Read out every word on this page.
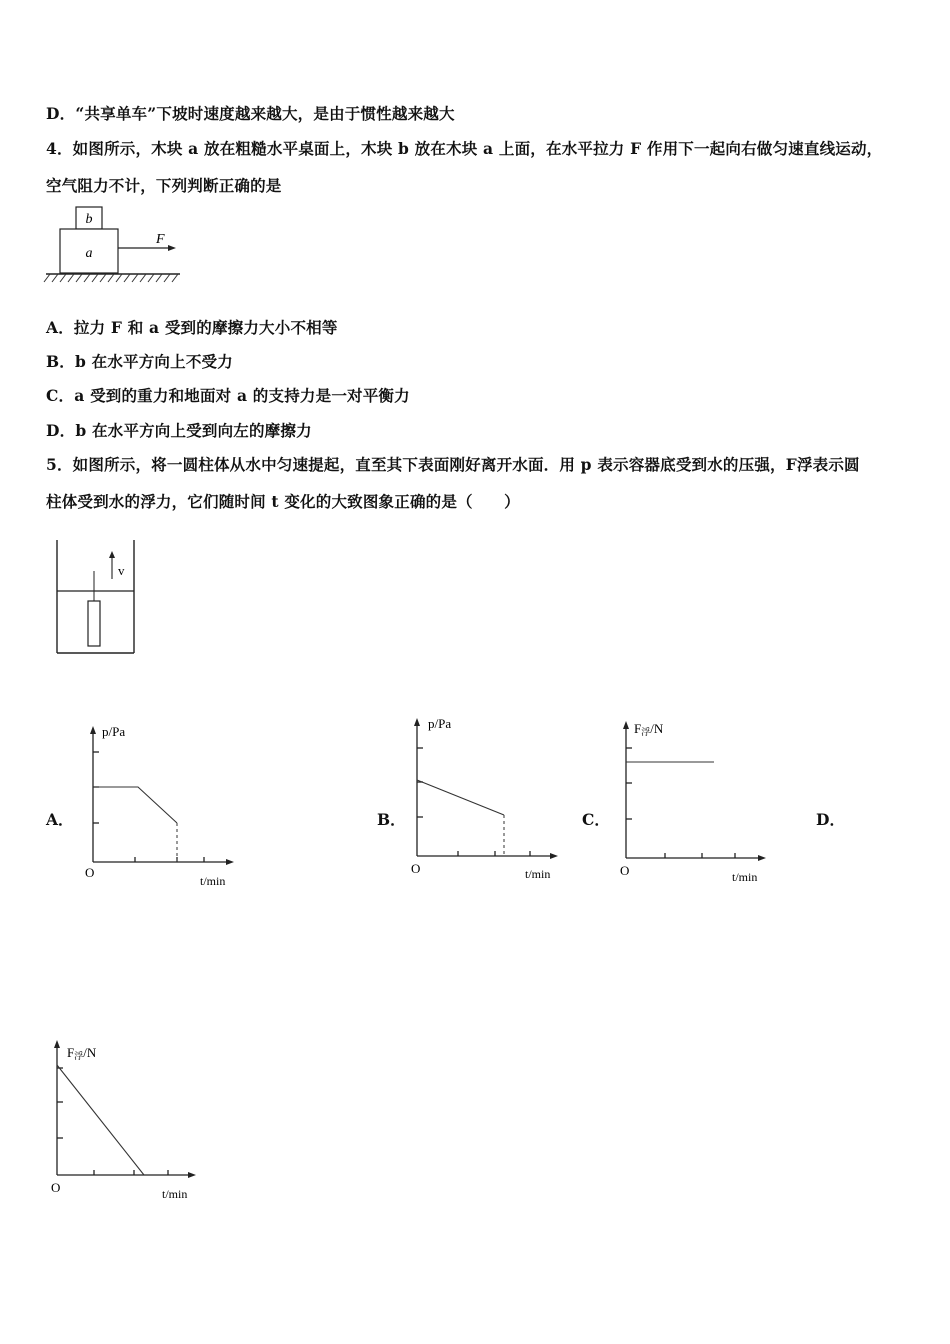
D．“共享单车”下坡时速度越来越大，是由于惯性越来越大
4．如图所示，木块 a 放在粗糙水平桌面上，木块 b 放在木块 a 上面，在水平拉力 F 作用下一起向右做匀速直线运动，
空气阻力不计，下列判断正确的是
b
a
F
A．拉力 F 和 a 受到的摩擦力大小不相等
B．b 在水平方向上不受力
C．a 受到的重力和地面对 a 的支持力是一对平衡力
D．b 在水平方向上受到向左的摩擦力
5．如图所示，将一圆柱体从水中匀速提起，直至其下表面刚好离开水面．用 p 表示容器底受到水的压强，F浮表示圆
柱体受到水的浮力，它们随时间 t 变化的大致图象正确的是（　　）
v
A．	B．	C．	D．
p/Pa
O
t/min
p/Pa
O	t/min
F浮/N
O	t/min
F浮/N
O	t/min
